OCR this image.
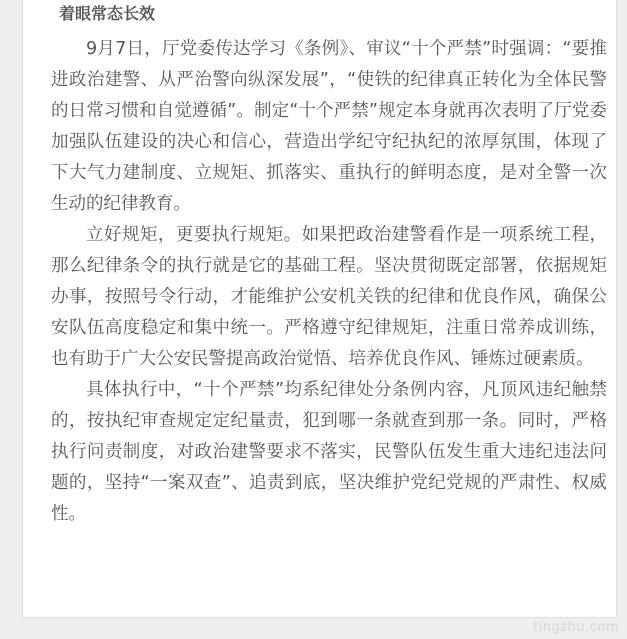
着眼常态长效

9月7日，厅党委传达学习《条例》、审议“十个严禁”时强调：“要推进政治建警、从严治警向纵深发展”，“使铁的纪律真正转化为全体民警的日常习惯和自觉遵循”。制定“十个严禁”规定本身就再次表明了厅党委加强队伍建设的决心和信心，营造出学纪守纪执纪的浓厚氛围，体现了下大气力建制度、立规矩、抓落实、重执行的鲜明态度，是对全警一次生动的纪律教育。

立好规矩，更要执行规矩。如果把政治建警看作是一项系统工程，那么纪律条令的执行就是它的基础工程。坚决贯彻既定部署，依据规矩办事，按照号令行动，才能维护公安机关铁的纪律和优良作风，确保公安队伍高度稳定和集中统一。严格遵守纪律规矩，注重日常养成训练，也有助于广大公安民警提高政治觉悟、培养优良作风、锤炼过硬素质。

具体执行中，“十个严禁”均系纪律处分条例内容，凡顶风违纪触禁的，按执纪审查规定定纪量责，犯到哪一条就查到那一条。同时，严格执行问责制度，对政治建警要求不落实，民警队伍发生重大违纪违法问题的，坚持“一案双查”、追责到底，坚决维护党纪党规的严肃性、权威性。

tingzhu.com
